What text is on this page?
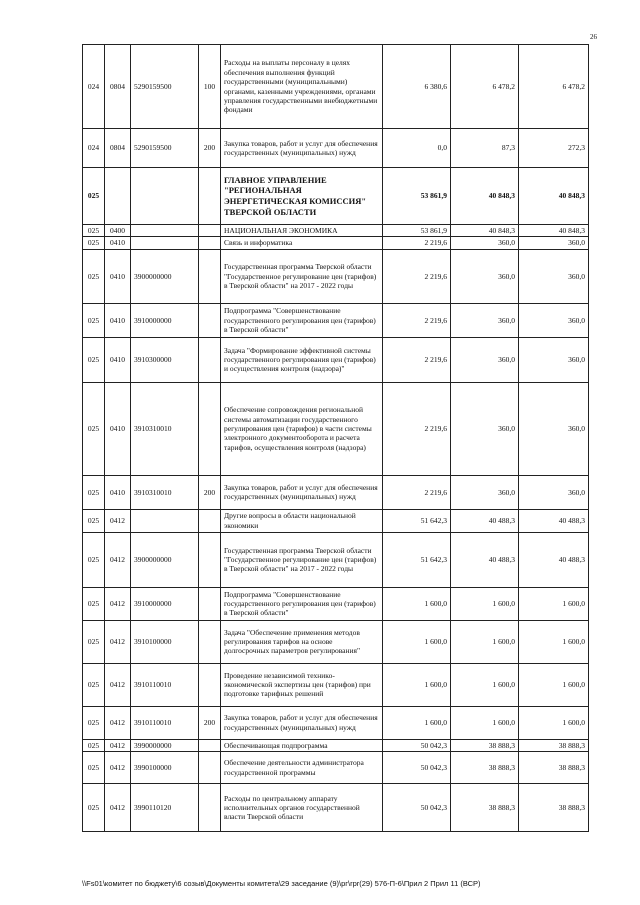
26
024	0804	5290159500	100	Расходы на выплаты персоналу в целях обеспечения выполнения функций государственными (муниципальными) органами, казенными учреждениями, органами управления государственными внебюджетными фондами	6 380,6	6 478,2	6 478,2
024	0804	5290159500	200	Закупка товаров, работ и услуг для обеспечения государственных (муниципальных) нужд	0,0	87,3	272,3
025				ГЛАВНОЕ УПРАВЛЕНИЕ "РЕГИОНАЛЬНАЯ ЭНЕРГЕТИЧЕСКАЯ КОМИССИЯ" ТВЕРСКОЙ ОБЛАСТИ	53 861,9	40 848,3	40 848,3
025	0400			НАЦИОНАЛЬНАЯ ЭКОНОМИКА	53 861,9	40 848,3	40 848,3
025	0410			Связь и информатика	2 219,6	360,0	360,0
025	0410	3900000000		Государственная программа Тверской области "Государственное регулирование цен (тарифов) в Тверской области" на 2017 - 2022 годы	2 219,6	360,0	360,0
025	0410	3910000000		Подпрограмма "Совершенствование государственного регулирования цен (тарифов) в Тверской области"	2 219,6	360,0	360,0
025	0410	3910300000		Задача "Формирование эффективной системы государственного регулирования цен (тарифов) и осуществления контроля (надзора)"	2 219,6	360,0	360,0
025	0410	3910310010		Обеспечение сопровождения региональной системы автоматизации государственного регулирования цен (тарифов) в части системы электронного документооборота и расчета тарифов, осуществления контроля (надзора)	2 219,6	360,0	360,0
025	0410	3910310010	200	Закупка товаров, работ и услуг для обеспечения государственных (муниципальных) нужд	2 219,6	360,0	360,0
025	0412			Другие вопросы в области национальной экономики	51 642,3	40 488,3	40 488,3
025	0412	3900000000		Государственная программа Тверской области "Государственное регулирование цен (тарифов) в Тверской области" на 2017 - 2022 годы	51 642,3	40 488,3	40 488,3
025	0412	3910000000		Подпрограмма "Совершенствование государственного регулирования цен (тарифов) в Тверской области"	1 600,0	1 600,0	1 600,0
025	0412	3910100000		Задача "Обеспечение применения методов регулирования тарифов на основе долгосрочных параметров регулирования"	1 600,0	1 600,0	1 600,0
025	0412	3910110010		Проведение независимой технико-экономической экспертизы цен (тарифов) при подготовке тарифных решений	1 600,0	1 600,0	1 600,0
025	0412	3910110010	200	Закупка товаров, работ и услуг для обеспечения государственных (муниципальных) нужд	1 600,0	1 600,0	1 600,0
025	0412	3990000000		Обеспечивающая подпрограмма	50 042,3	38 888,3	38 888,3
025	0412	3990100000		Обеспечение деятельности администратора государственной программы	50 042,3	38 888,3	38 888,3
025	0412	3990110120		Расходы по центральному аппарату исполнительных органов государственной власти Тверской области	50 042,3	38 888,3	38 888,3
\\Fs01\комитет по бюджету\6 созыв\Документы комитета\29 заседание (9)\рг\rpr(29) 576-П-6\Прил 2 Прил 11 (ВСР)
